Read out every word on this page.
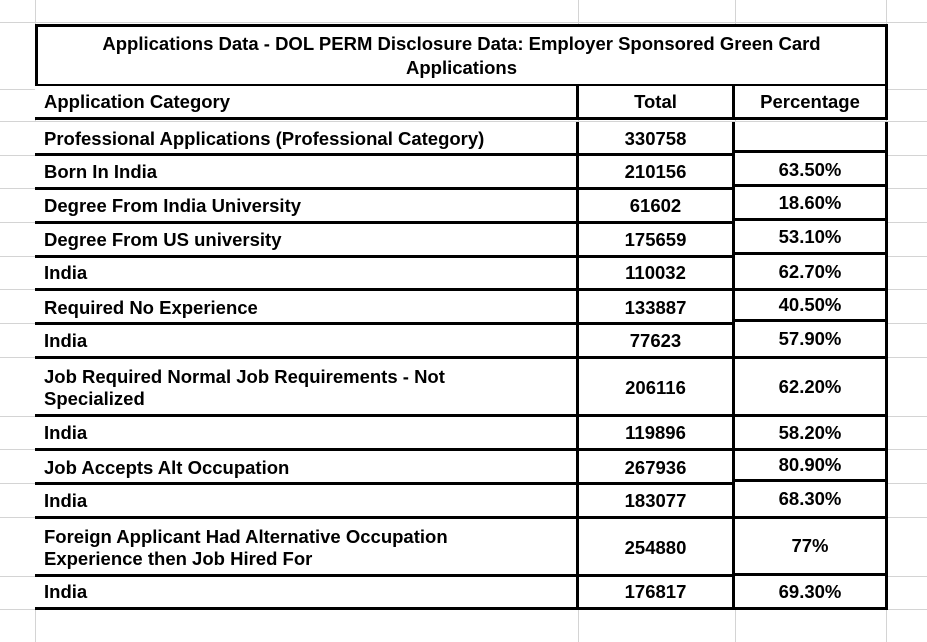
Applications Data - DOL PERM Disclosure Data: Employer Sponsored Green Card Applications
Application Category	Total	Percentage
Professional Applications (Professional Category)	330758
Born In India	210156	63.50%
Degree From India University	61602	18.60%
Degree From US university	175659	53.10%
India	110032	62.70%
Required No Experience	133887	40.50%
India	77623	57.90%
Job Required Normal Job Requirements - Not Specialized
206116	62.20%
India	119896	58.20%
Job Accepts Alt Occupation	267936	80.90%
India	183077	68.30%
Foreign Applicant Had Alternative Occupation Experience then Job Hired For
254880	77%
India	176817	69.30%
